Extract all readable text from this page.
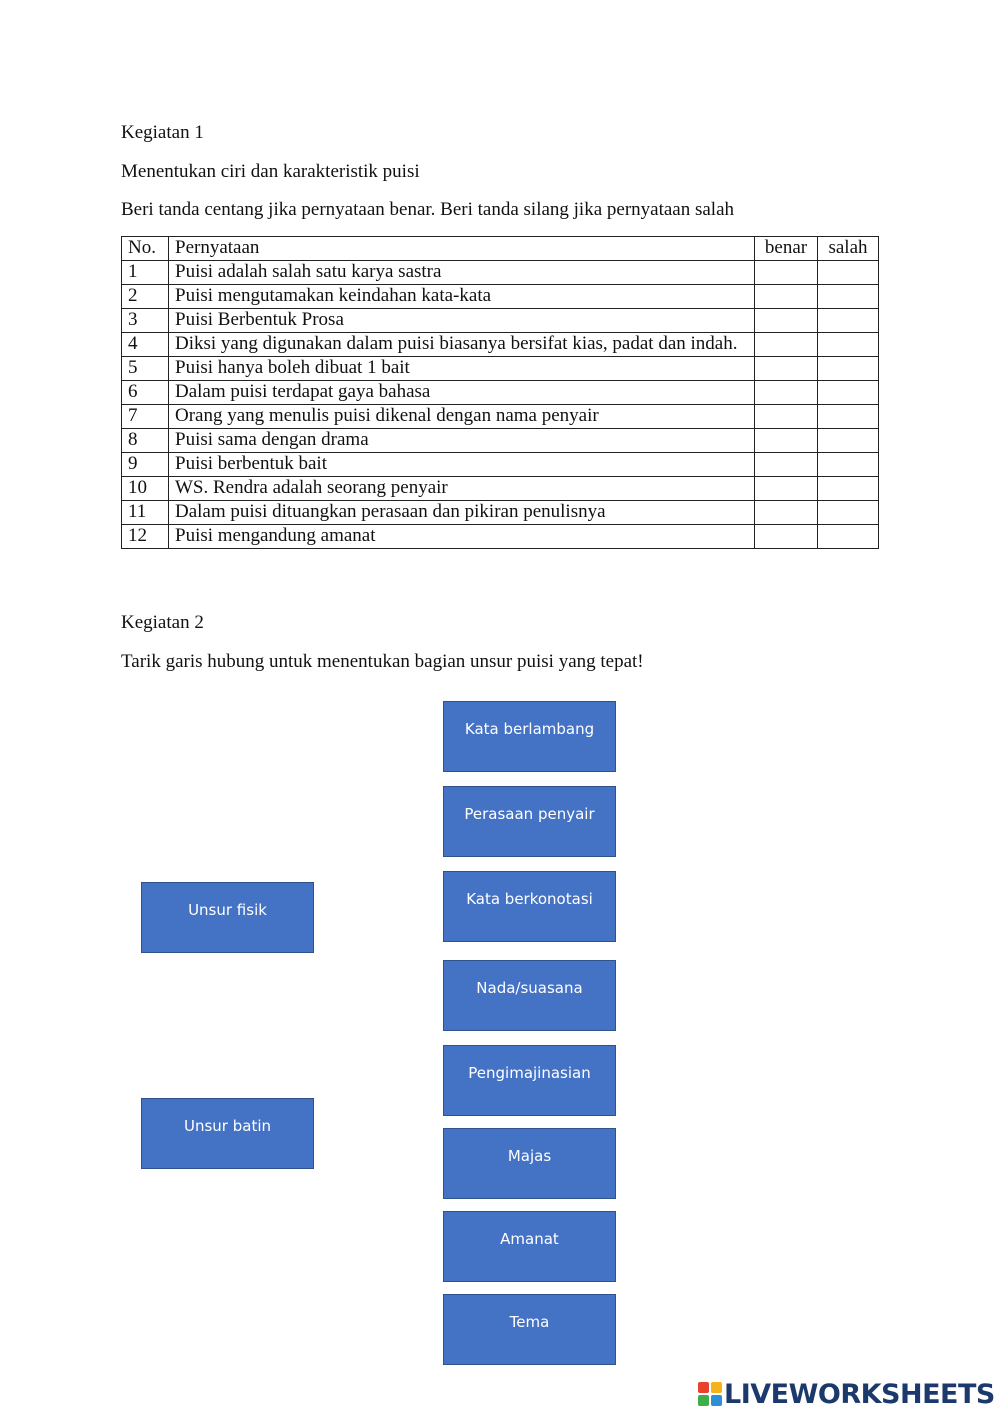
Kegiatan 1
Menentukan ciri dan karakteristik puisi
Beri tanda centang jika pernyataan benar. Beri tanda silang jika pernyataan salah
No.	Pernyataan	benar	salah
1	Puisi adalah salah satu karya sastra		
2	Puisi mengutamakan keindahan kata-kata		
3	Puisi Berbentuk Prosa		
4	Diksi yang digunakan dalam puisi biasanya bersifat kias, padat dan indah.		
5	Puisi hanya boleh dibuat 1 bait		
6	Dalam puisi terdapat gaya bahasa		
7	Orang yang menulis puisi dikenal dengan nama penyair		
8	Puisi sama dengan drama		
9	Puisi berbentuk bait		
10	WS. Rendra adalah seorang penyair		
11	Dalam puisi dituangkan perasaan dan pikiran penulisnya		
12	Puisi mengandung amanat		
Kegiatan 2
Tarik garis hubung untuk menentukan bagian unsur puisi yang tepat!
Unsur fisik
Unsur batin
Kata berlambang
Perasaan penyair
Kata berkonotasi
Nada/suasana
Pengimajinasian
Majas
Amanat
Tema
LIVEWORKSHEETS
